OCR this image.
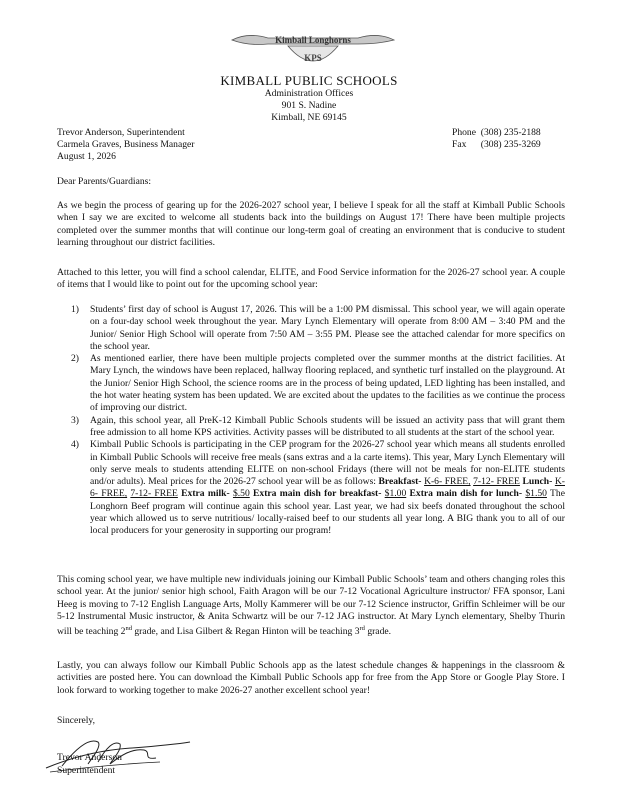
Kimball Longhorns
KPS
KIMBALL PUBLIC SCHOOLS
Administration Offices
901 S. Nadine
Kimball, NE 69145
Trevor Anderson, Superintendent
Carmela Graves, Business Manager
August 1, 2026
Phone  (308) 235-2188
Fax      (308) 235-3269
Dear Parents/Guardians:
As we begin the process of gearing up for the 2026-2027 school year, I believe I speak for all the staff at Kimball Public Schools when I say we are excited to welcome all students back into the buildings on August 17! There have been multiple projects completed over the summer months that will continue our long-term goal of creating an environment that is conducive to student learning throughout our district facilities.
Attached to this letter, you will find a school calendar, ELITE, and Food Service information for the 2026-27 school year. A couple of items that I would like to point out for the upcoming school year:
1) Students’ first day of school is August 17, 2026. This will be a 1:00 PM dismissal. This school year, we will again operate on a four-day school week throughout the year. Mary Lynch Elementary will operate from 8:00 AM – 3:40 PM and the Junior/ Senior High School will operate from 7:50 AM – 3:55 PM. Please see the attached calendar for more specifics on the school year.
2) As mentioned earlier, there have been multiple projects completed over the summer months at the district facilities. At Mary Lynch, the windows have been replaced, hallway flooring replaced, and synthetic turf installed on the playground. At the Junior/ Senior High School, the science rooms are in the process of being updated, LED lighting has been installed, and the hot water heating system has been updated. We are excited about the updates to the facilities as we continue the process of improving our district.
3) Again, this school year, all PreK-12 Kimball Public Schools students will be issued an activity pass that will grant them free admission to all home KPS activities. Activity passes will be distributed to all students at the start of the school year.
4) Kimball Public Schools is participating in the CEP program for the 2026-27 school year which means all students enrolled in Kimball Public Schools will receive free meals (sans extras and a la carte items). This year, Mary Lynch Elementary will only serve meals to students attending ELITE on non-school Fridays (there will not be meals for non-ELITE students and/or adults). Meal prices for the 2026-27 school year will be as follows: Breakfast- K-6- FREE, 7-12- FREE Lunch- K-6- FREE, 7-12- FREE Extra milk- $.50 Extra main dish for breakfast- $1.00 Extra main dish for lunch- $1.50 The Longhorn Beef program will continue again this school year. Last year, we had six beefs donated throughout the school year which allowed us to serve nutritious/ locally-raised beef to our students all year long. A BIG thank you to all of our local producers for your generosity in supporting our program!
This coming school year, we have multiple new individuals joining our Kimball Public Schools’ team and others changing roles this school year. At the junior/ senior high school, Faith Aragon will be our 7-12 Vocational Agriculture instructor/ FFA sponsor, Lani Heeg is moving to 7-12 English Language Arts, Molly Kammerer will be our 7-12 Science instructor, Griffin Schleimer will be our 5-12 Instrumental Music instructor, & Anita Schwartz will be our 7-12 JAG instructor. At Mary Lynch elementary, Shelby Thurin will be teaching 2nd grade, and Lisa Gilbert & Regan Hinton will be teaching 3rd grade.
Lastly, you can always follow our Kimball Public Schools app as the latest schedule changes & happenings in the classroom & activities are posted here. You can download the Kimball Public Schools app for free from the App Store or Google Play Store. I look forward to working together to make 2026-27 another excellent school year!
Sincerely,
Trevor Anderson
Superintendent
